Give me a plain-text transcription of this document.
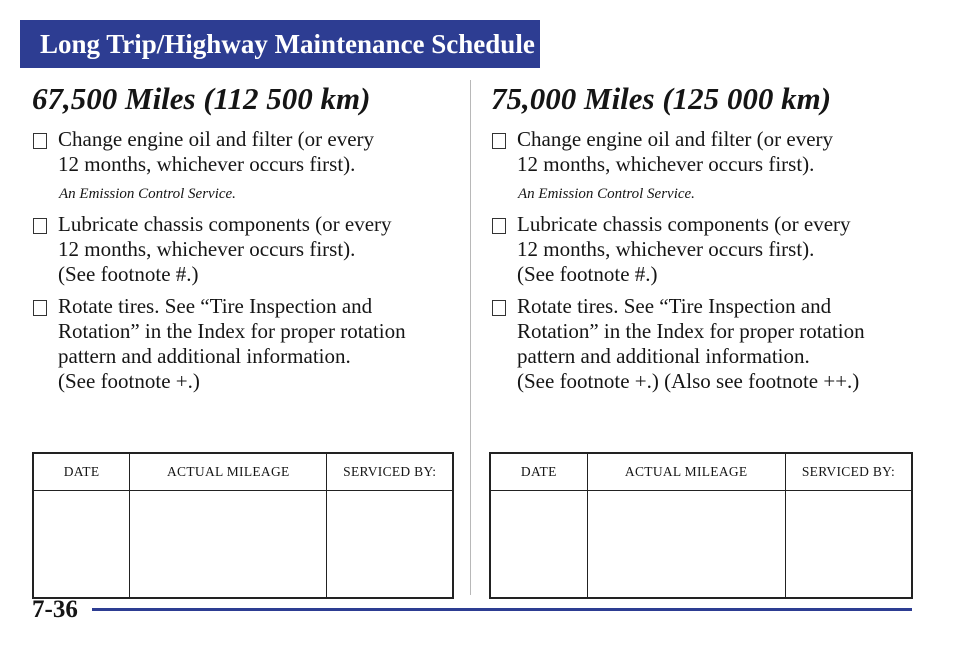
Long Trip/Highway Maintenance Schedule
67,500 Miles (112 500 km)
Change engine oil and filter (or every
12 months, whichever occurs first).
An Emission Control Service.
Lubricate chassis components (or every
12 months, whichever occurs first).
(See footnote #.)
Rotate tires. See “Tire Inspection and
Rotation” in the Index for proper rotation
pattern and additional information.
(See footnote +.)
75,000 Miles (125 000 km)
Change engine oil and filter (or every
12 months, whichever occurs first).
An Emission Control Service.
Lubricate chassis components (or every
12 months, whichever occurs first).
(See footnote #.)
Rotate tires. See “Tire Inspection and
Rotation” in the Index for proper rotation
pattern and additional information.
(See footnote +.) (Also see footnote ++.)
DATE	ACTUAL MILEAGE	SERVICED BY:
			DATE	ACTUAL MILEAGE	SERVICED BY:

7-36
